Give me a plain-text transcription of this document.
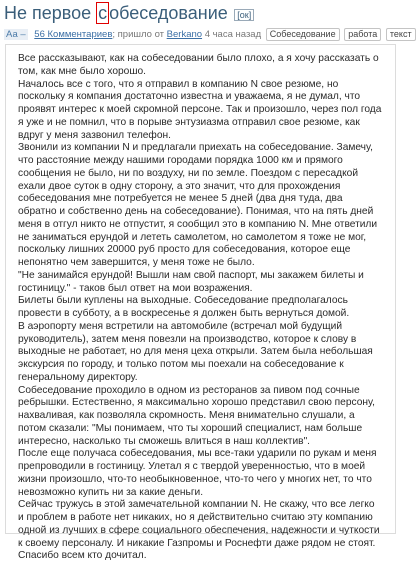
Не первое с обеседование [ок]
Аа – 56 Комментариев; пришло от Berkano 4 часа назад Собеседование работа текст

Все рассказывают, как на собеседовании было плохо, а я хочу рассказать о том, как мне было хорошо.

Началось все с того, что я отправил в компанию N свое резюме, но поскольку я компания достаточно известна и уважаема, я не думал, что проявят интерес к моей скромной персоне. Так и произошло, через пол года я уже и не помнил, что в порыве энтузиазма отправил свое резюме, как вдруг у меня зазвонил телефон.

Звонили из компании N и предлагали приехать на собеседование. Замечу, что расстояние между нашими городами порядка 1000 км и прямого сообщения не было, ни по воздуху, ни по земле. Поездом с пересадкой ехали двое суток в одну сторону, а это значит, что для прохождения собеседования мне потребуется не менее 5 дней (два дня туда, два обратно и собственно день на собеседование). Понимая, что на пять дней меня в отгул никто не отпустит, я сообщил это в компанию N. Мне ответили не заниматься ерундой и лететь самолетом, но самолетом я тоже не мог, поскольку лишних 20000 руб просто для собеседования, которое еще непонятно чем завершится, у меня тоже не было.

"Не занимайся ерундой! Вышли нам свой паспорт, мы закажем билеты и гостиницу." - таков был ответ на мои возражения.

Билеты были куплены на выходные. Собеседование предполагалось провести в субботу, а в воскресенье я должен быть вернуться домой.

В аэропорту меня встретили на автомобиле (встречал мой будущий руководитель), затем меня повезли на производство, которое к слову в выходные не работает, но для меня цеха открыли. Затем была небольшая экскурсия по городу, и только потом мы поехали на собеседование к генеральному директору.

Собеседование проходило в одном из ресторанов за пивом под сочные ребрышки. Естественно, я максимально хорошо представил свою персону, нахваливая, как позволяла скромность. Меня внимательно слушали, а потом сказали: "Мы понимаем, что ты хороший специалист, нам больше интересно, насколько ты сможешь влиться в наш коллектив".

После еще получаса собеседования, мы все-таки ударили по рукам и меня препроводили в гостиницу. Улетал я с твердой уверенностью, что в моей жизни произошло, что-то необыкновенное, что-то чего у многих нет, то что невозможно купить ни за какие деньги.

Сейчас тружусь в этой замечательной компании N. Не скажу, что все легко и проблем в работе нет никаких, но я действительно считаю эту компанию одной из лучших в сфере социального обеспечения, надежности и чуткости к своему персоналу. И никакие Газпромы и Роснефти даже рядом не стоят.

Спасибо всем кто дочитал.
